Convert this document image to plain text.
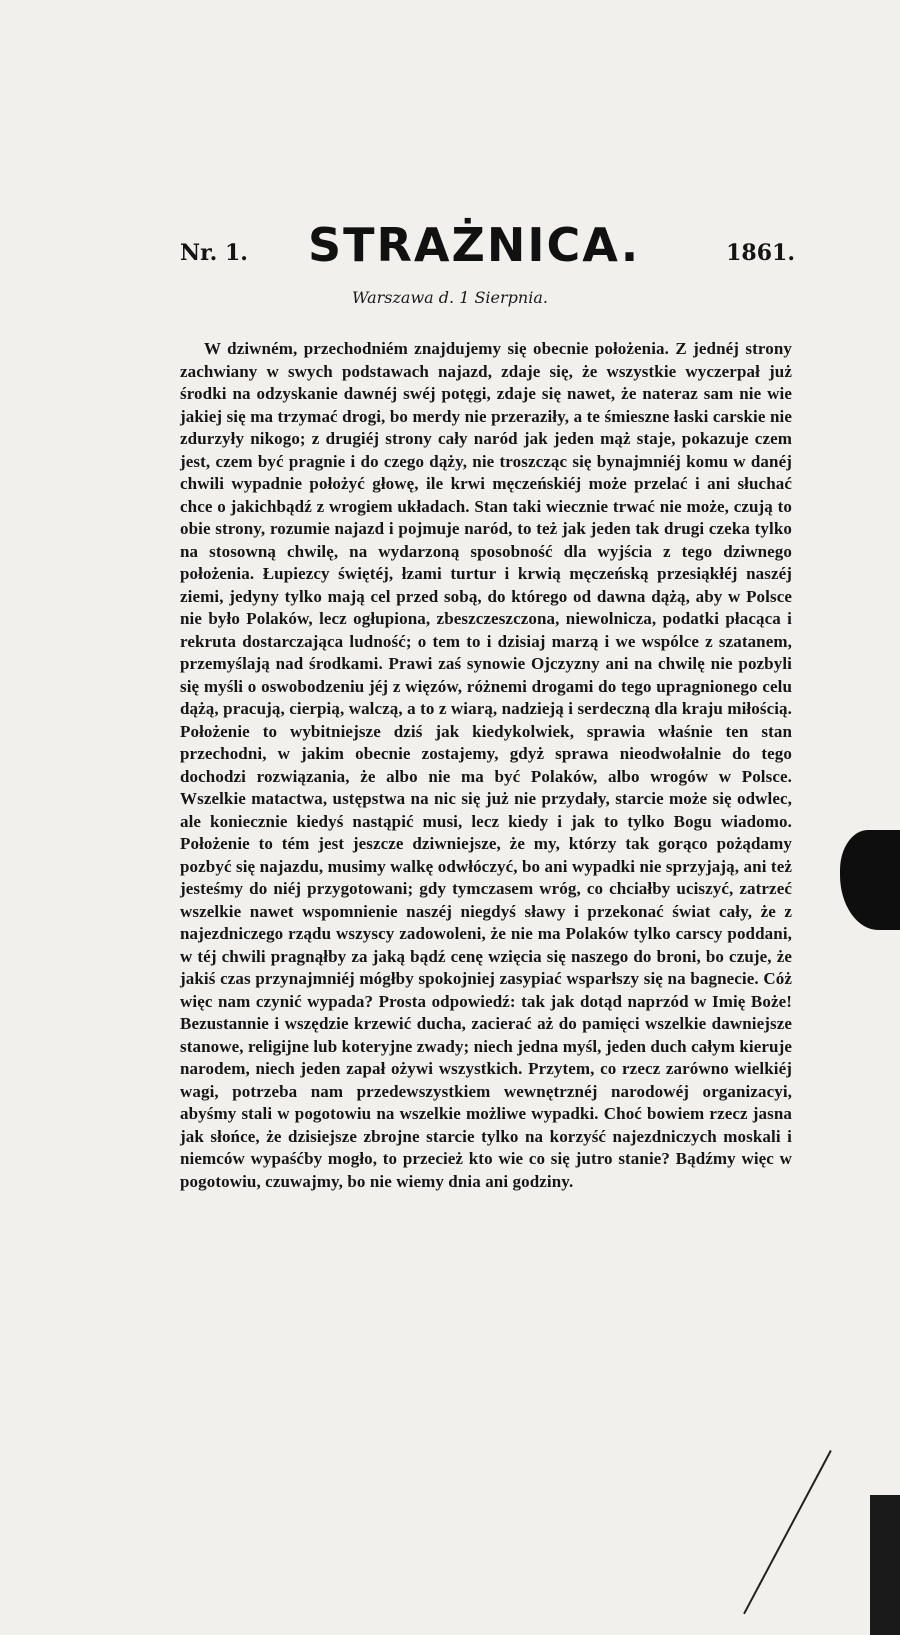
Nr. 1. STRAŻNICA.	1861.
Warszawa d. 1 Sierpnia.

W dziwném, przechodniém znajdujemy się obecnie położenia. Z jednéj strony zachwiany w swych podstawach najazd, zdaje się, że wszystkie wyczerpał już środki na odzyskanie dawnéj swéj potęgi, zdaje się nawet, że nateraz sam nie wie jakiej się ma trzymać drogi, bo merdy nie przeraziły, a te śmieszne łaski carskie nie zdurzyły nikogo; z drugiéj strony cały naród jak jeden mąż staje, pokazuje czem jest, czem być pragnie i do czego dąży, nie troszcząc się bynajmniéj komu w danéj chwili wypadnie położyć głowę, ile krwi męczeńskiéj może przelać i ani słuchać chce o jakichbądź z wrogiem układach. Stan taki wiecznie trwać nie może, czują to obie strony, rozumie najazd i pojmuje naród, to też jak jeden tak drugi czeka tylko na stosowną chwilę, na wydarzoną sposobność dla wyjścia z tego dziwnego położenia. Łupiezcy świętéj, łzami turtur i krwią męczeńską przesiąkłéj naszéj ziemi, jedyny tylko mają cel przed sobą, do którego od dawna dążą, aby w Polsce nie było Polaków, lecz ogłupiona, zbeszczeszczona, niewolnicza, podatki płacąca i rekruta dostarczająca ludność; o tem to i dzisiaj marzą i we wspólce z szatanem, przemyślają nad środkami. Prawi zaś synowie Ojczyzny ani na chwilę nie pozbyli się myśli o oswobodzeniu jéj z więzów, różnemi drogami do tego upragnionego celu dążą, pracują, cierpią, walczą, a to z wiarą, nadzieją i serdeczną dla kraju miłością. Położenie to wybitniejsze dziś jak kiedykolwiek, sprawia właśnie ten stan przechodni, w jakim obecnie zostajemy, gdyż sprawa nieodwołalnie do tego dochodzi rozwiązania, że albo nie ma być Polaków, albo wrogów w Polsce. Wszelkie matactwa, ustępstwa na nic się już nie przydały, starcie może się odwlec, ale koniecznie kiedyś nastąpić musi, lecz kiedy i jak to tylko Bogu wiadomo. Położenie to tém jest jeszcze dziwniejsze, że my, którzy tak gorąco pożądamy pozbyć się najazdu, musimy walkę odwłóczyć, bo ani wypadki nie sprzyjają, ani też jesteśmy do niéj przygotowani; gdy tymczasem wróg, co chciałby uciszyć, zatrzeć wszelkie nawet wspomnienie naszéj niegdyś sławy i przekonać świat cały, że z najezdniczego rządu wszyscy zadowoleni, że nie ma Polaków tylko carscy poddani, w téj chwili pragnąłby za jaką bądź cenę wzięcia się naszego do broni, bo czuje, że jakiś czas przynajmniéj mógłby spokojniej zasypiać wsparłszy się na bagnecie. Cóż więc nam czynić wypada? Prosta odpowiedź: tak jak dotąd naprzód w Imię Boże! Bezustannie i wszędzie krzewić ducha, zacierać aż do pamięci wszelkie dawniejsze stanowe, religijne lub koteryjne zwady; niech jedna myśl, jeden duch całym kieruje narodem, niech jeden zapał ożywi wszystkich. Przytem, co rzecz zarówno wielkiéj wagi, potrzeba nam przedewszystkiem wewnętrznéj narodowéj organizacyi, abyśmy stali w pogotowiu na wszelkie możliwe wypadki. Choć bowiem rzecz jasna jak słońce, że dzisiejsze zbrojne starcie tylko na korzyść najezdniczych moskali i niemców wypaśćby mogło, to przecież kto wie co się jutro stanie? Bądźmy więc w pogotowiu, czuwajmy, bo nie wiemy dnia ani godziny.
